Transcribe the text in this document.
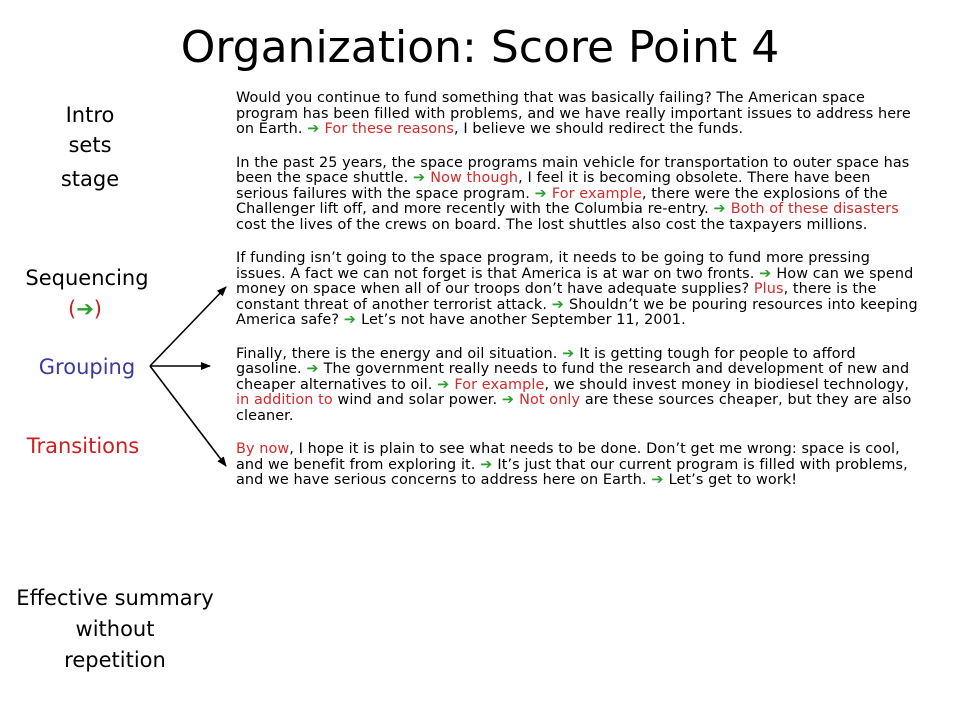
Organization: Score Point 4
Intro
sets
stage
Sequencing
(➔)
Grouping
Transitions
Effective summary
without
repetition

Would you continue to fund something that was basically failing? The American space program has been filled with problems, and we have really important issues to address here on Earth. ➔ For these reasons, I believe we should redirect the funds.

In the past 25 years, the space programs main vehicle for transportation to outer space has been the space shuttle. ➔ Now though, I feel it is becoming obsolete. There have been serious failures with the space program. ➔ For example, there were the explosions of the Challenger lift off, and more recently with the Columbia re-entry. ➔ Both of these disasters cost the lives of the crews on board. The lost shuttles also cost the taxpayers millions.

If funding isn’t going to the space program, it needs to be going to fund more pressing issues. A fact we can not forget is that America is at war on two fronts. ➔ How can we spend money on space when all of our troops don’t have adequate supplies? Plus, there is the constant threat of another terrorist attack. ➔ Shouldn’t we be pouring resources into keeping America safe? ➔ Let’s not have another September 11, 2001.

Finally, there is the energy and oil situation. ➔ It is getting tough for people to afford gasoline. ➔ The government really needs to fund the research and development of new and cheaper alternatives to oil. ➔ For example, we should invest money in biodiesel technology, in addition to wind and solar power. ➔ Not only are these sources cheaper, but they are also cleaner.

By now, I hope it is plain to see what needs to be done. Don’t get me wrong: space is cool, and we benefit from exploring it. ➔ It’s just that our current program is filled with problems, and we have serious concerns to address here on Earth. ➔ Let’s get to work!
